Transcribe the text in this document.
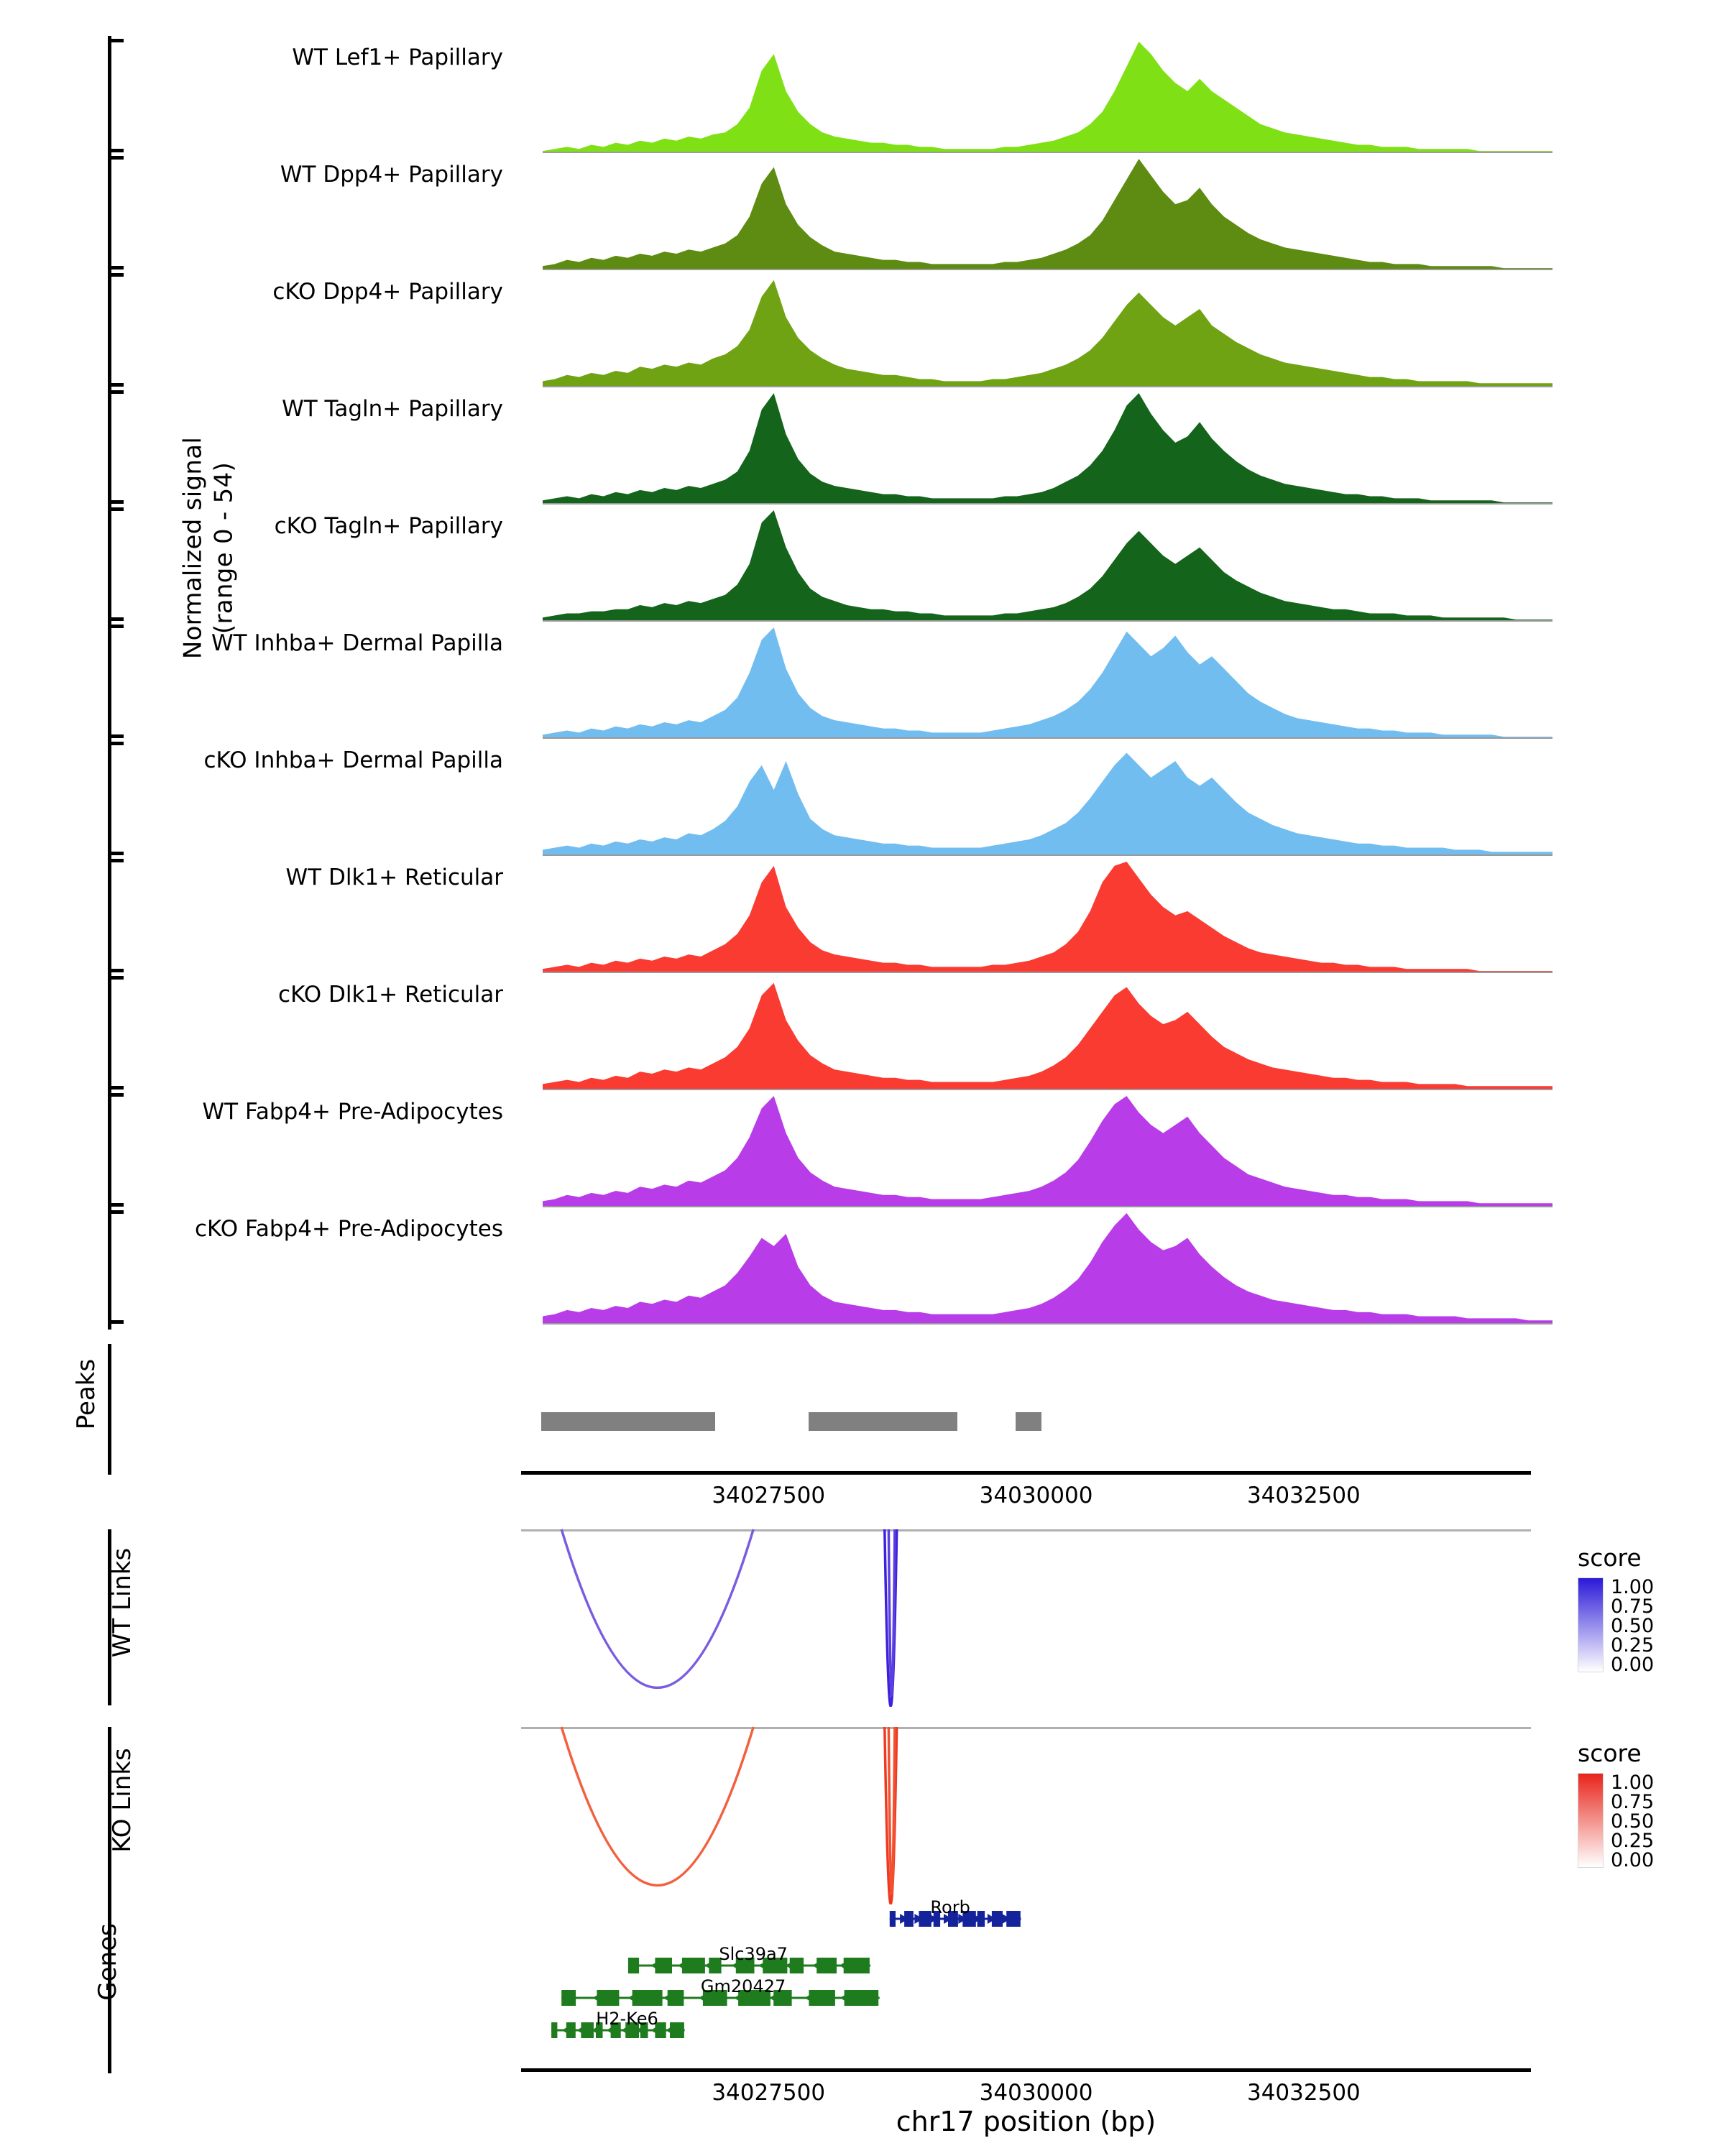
Normalized signal (range 0 - 54)
WT Lef1+ Papillary
WT Dpp4+ Papillary
cKO Dpp4+ Papillary
WT Tagln+ Papillary
cKO Tagln+ Papillary
WT Inhba+ Dermal Papilla
cKO Inhba+ Dermal Papilla
WT Dlk1+ Reticular
cKO Dlk1+ Reticular
WT Fabp4+ Pre-Adipocytes
cKO Fabp4+ Pre-Adipocytes
Peaks
34027500	34030000	34032500
WT Links	score
1.00
0.75
0.50
0.25
0.00
KO Links	score
1.00
0.75
0.50
0.25
0.00
Genes
Rorb
Slc39a7
Gm20427
H2-Ke6
34027500	34030000	34032500
chr17 position (bp)
